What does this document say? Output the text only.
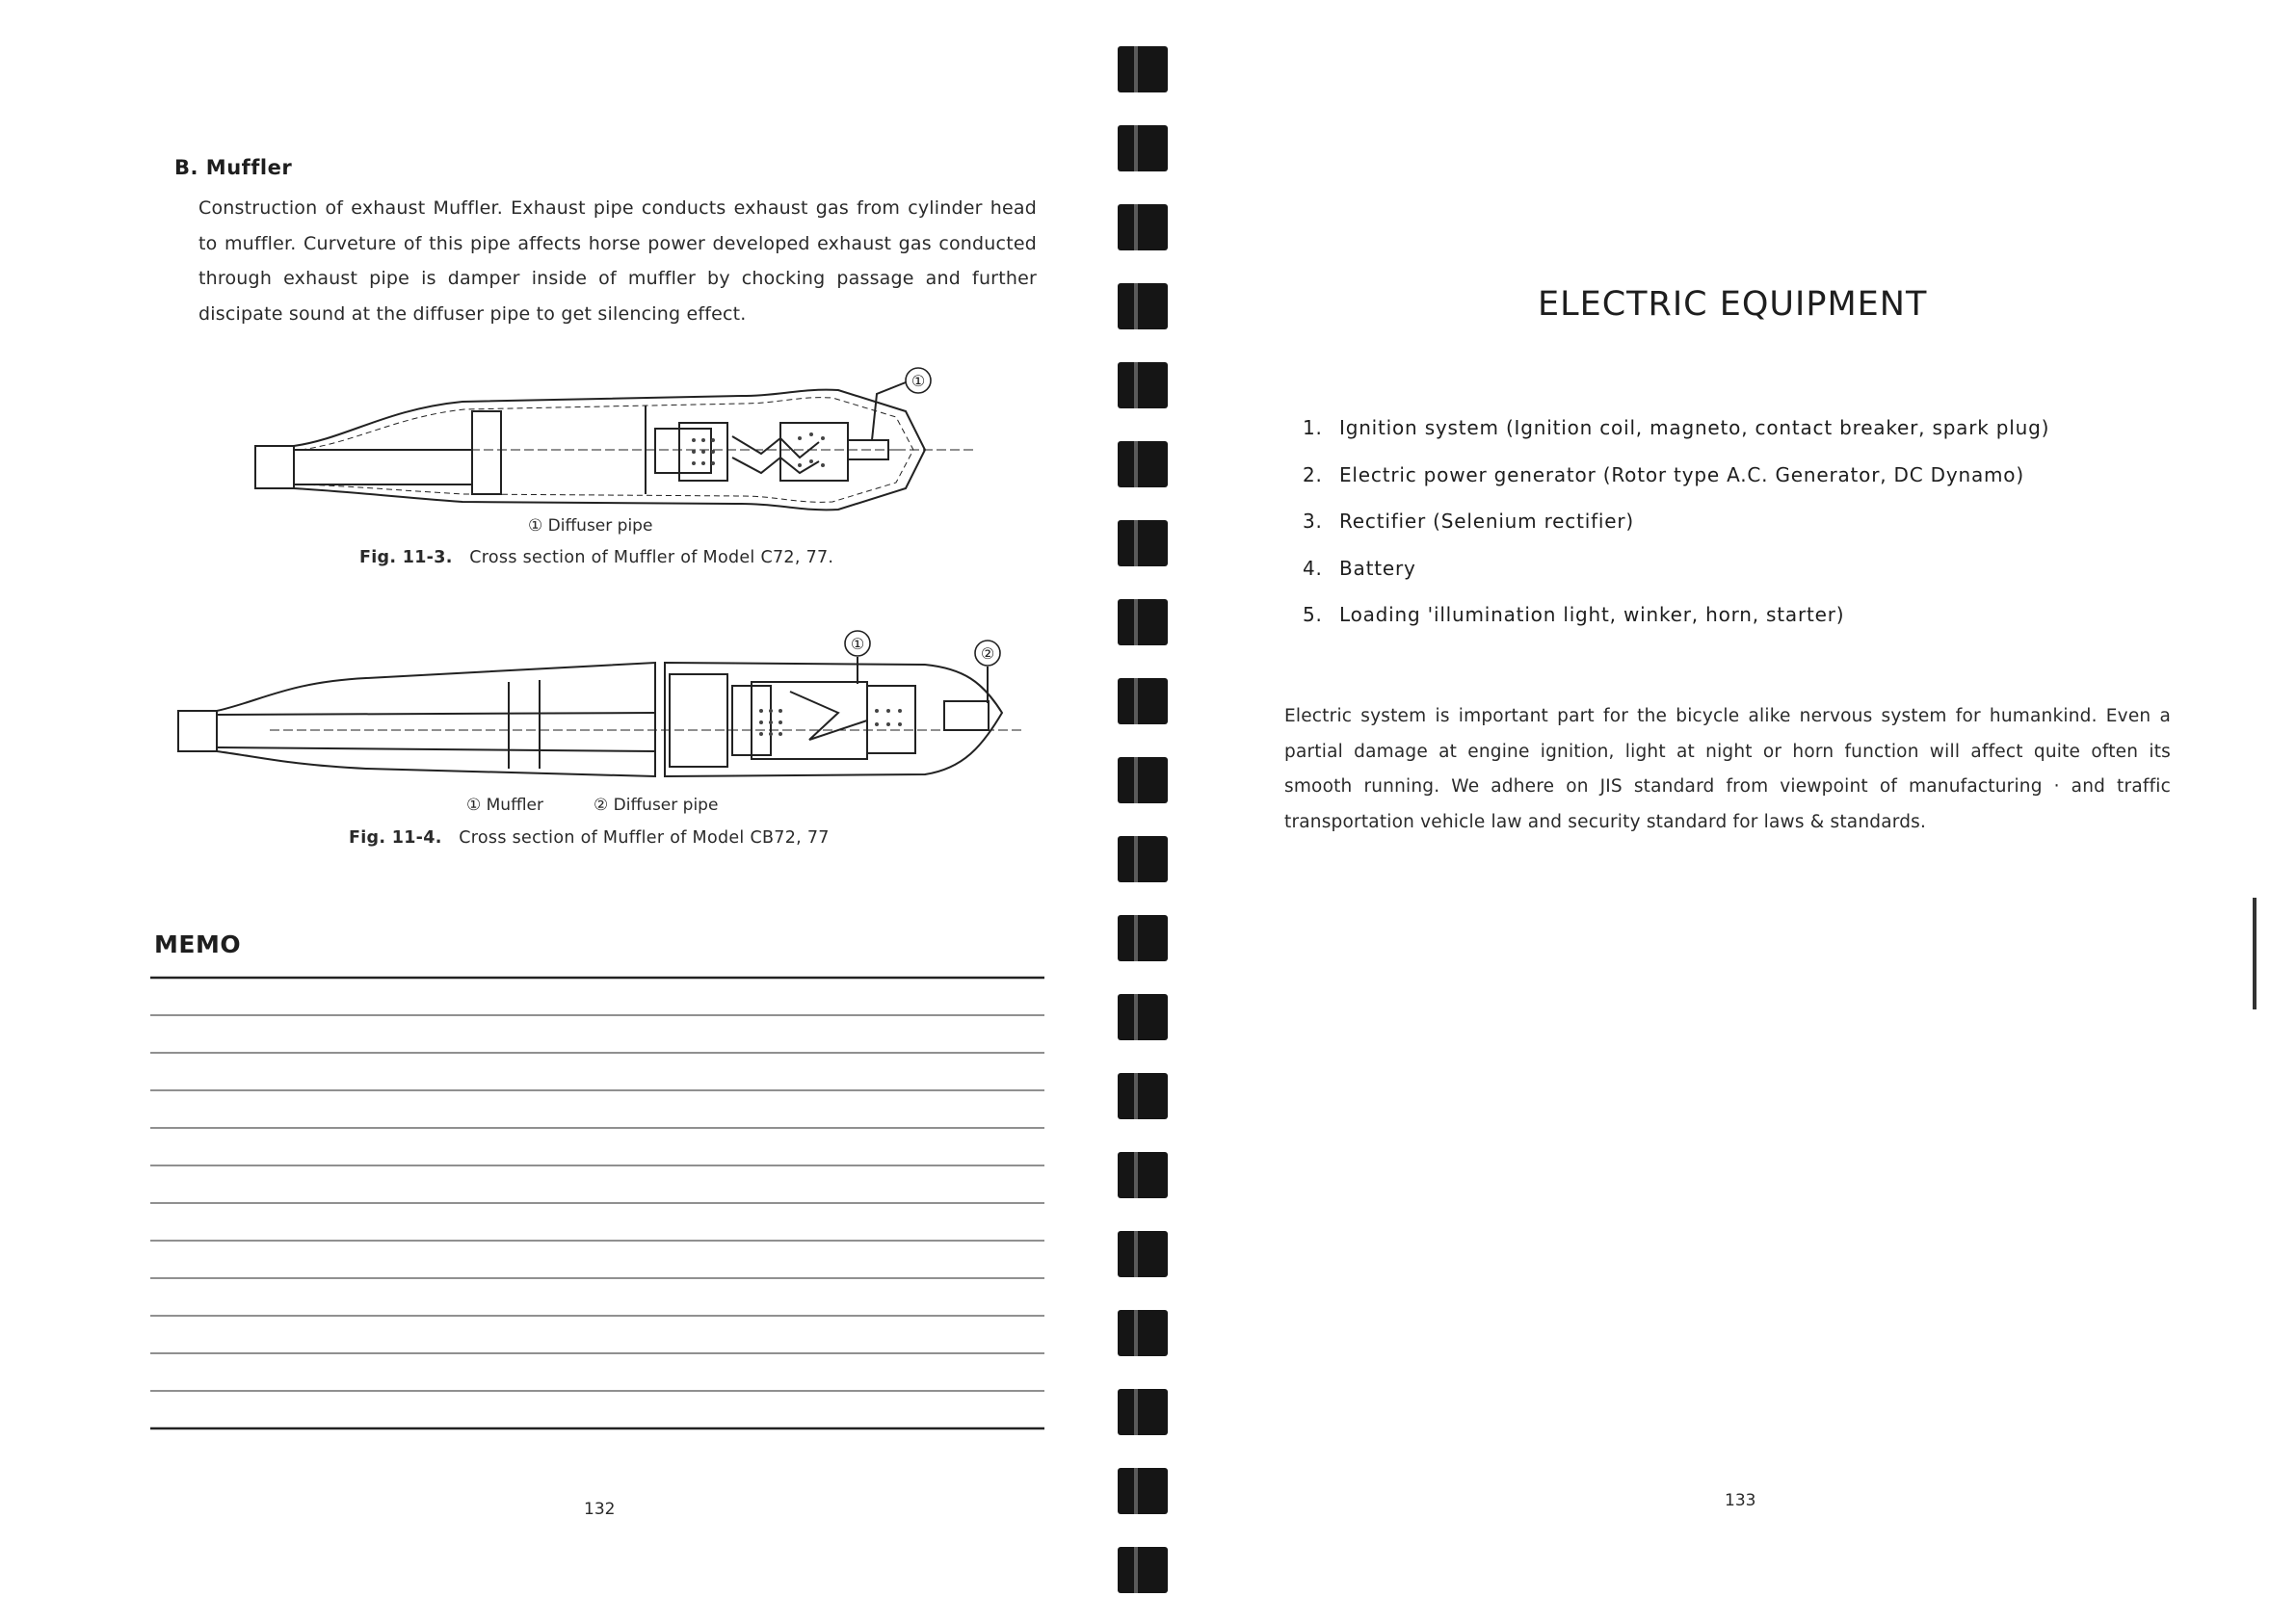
B. Muffler
Construction of exhaust Muffler. Exhaust pipe conducts exhaust gas from cylinder head to muffler. Curveture of this pipe affects horse power developed exhaust gas conducted through exhaust pipe is damper inside of muffler by chocking passage and further discipate sound at the diffuser pipe to get silencing effect.
①
① Diffuser pipe
Fig. 11-3. Cross section of Muffler of Model C72, 77.
①
②
① Muffler	② Diffuser pipe
Fig. 11-4. Cross section of Muffler of Model CB72, 77
MEMO
132
ELECTRIC EQUIPMENT
1. Ignition system (Ignition coil, magneto, contact breaker, spark plug)
2. Electric power generator (Rotor type A.C. Generator, DC Dynamo)
3. Rectifier (Selenium rectifier)
4. Battery
5. Loading 'illumination light, winker, horn, starter)
Electric system is important part for the bicycle alike nervous system for humankind. Even a partial damage at engine ignition, light at night or horn function will affect quite often its smooth running. We adhere on JIS standard from viewpoint of manufacturing · and traffic transportation vehicle law and security standard for laws & standards.
133
